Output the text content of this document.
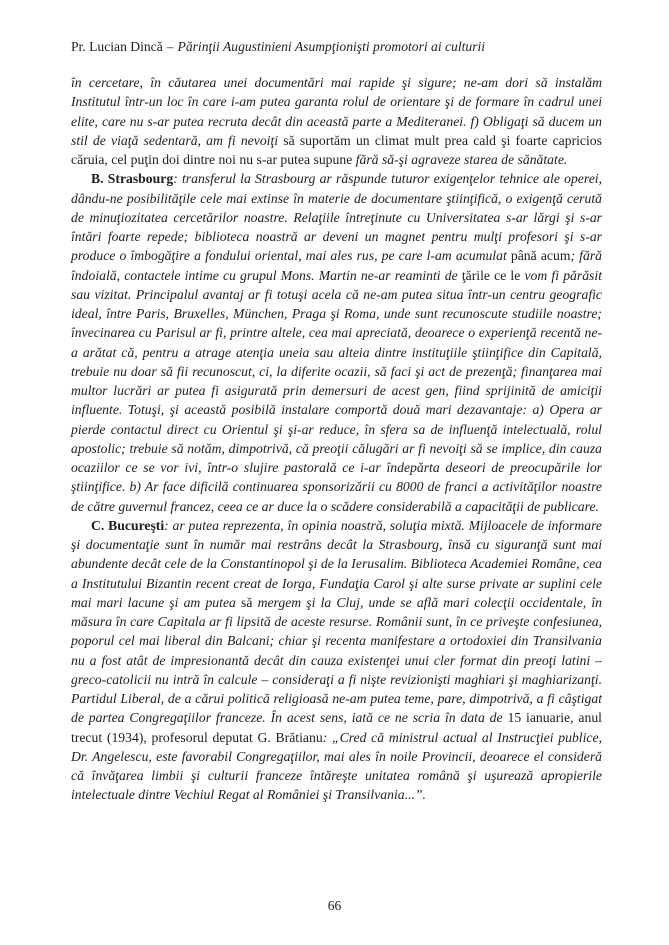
Pr. Lucian Dincă – Părinţii Augustinieni Asumpţionişti promotori ai culturii

în cercetare, în căutarea unei documentări mai rapide şi sigure; ne-am dori să instalăm Institutul într-un loc în care i-am putea garanta rolul de orientare şi de formare în cadrul unei elite, care nu s-ar putea recruta decât din această parte a Mediteranei. f) Obligaţi să ducem un stil de viaţă sedentară, am fi nevoiţi să suportăm un climat mult prea cald şi foarte capricios căruia, cel puţin doi dintre noi nu s-ar putea supune fără să-şi agraveze starea de sănătate.

B. Strasbourg: transferul la Strasbourg ar răspunde tuturor exigenţelor tehnice ale operei, dându-ne posibilităţile cele mai extinse în materie de documentare ştiinţifică, o exigenţă cerută de minuţiozitatea cercetărilor noastre. Relaţiile întreţinute cu Universitatea s-ar lărgi şi s-ar întări foarte repede; biblioteca noastră ar deveni un magnet pentru mulţi profesori şi s-ar produce o îmbogăţire a fondului oriental, mai ales rus, pe care l-am acumulat până acum; fără îndoială, contactele intime cu grupul Mons. Martin ne-ar reaminti de ţările ce le vom fi părăsit sau vizitat. Principalul avantaj ar fi totuşi acela că ne-am putea situa într-un centru geografic ideal, între Paris, Bruxelles, München, Praga şi Roma, unde sunt recunoscute studiile noastre; învecinarea cu Parisul ar fi, printre altele, cea mai apreciată, deoarece o experienţă recentă ne-a arătat că, pentru a atrage atenţia uneia sau alteia dintre instituţiile ştiinţifice din Capitală, trebuie nu doar să fii recunoscut, ci, la diferite ocazii, să faci şi act de prezenţă; finanţarea mai multor lucrări ar putea fi asigurată prin demersuri de acest gen, fiind sprijinită de amiciţii influente. Totuşi, şi această posibilă instalare comportă două mari dezavantaje: a) Opera ar pierde contactul direct cu Orientul şi şi-ar reduce, în sfera sa de influenţă intelectuală, rolul apostolic; trebuie să notăm, dimpotrivă, că preoţii călugări ar fi nevoiţi să se implice, din cauza ocaziilor ce se vor ivi, într-o slujire pastorală ce i-ar îndepărta deseori de preocupările lor ştiinţifice. b) Ar face dificilă continuarea sponsorizării cu 8000 de franci a activităţilor noastre de către guvernul francez, ceea ce ar duce la o scădere considerabilă a capacităţii de publicare.

C. Bucureşti: ar putea reprezenta, în opinia noastră, soluţia mixtă. Mijloacele de informare şi documentaţie sunt în număr mai restrâns decât la Strasbourg, însă cu siguranţă sunt mai abundente decât cele de la Constantinopol şi de la Ierusalim. Biblioteca Academiei Române, cea a Institutului Bizantin recent creat de Iorga, Fundaţia Carol şi alte surse private ar suplini cele mai mari lacune şi am putea să mergem şi la Cluj, unde se află mari colecţii occidentale, în măsura în care Capitala ar fi lipsită de aceste resurse. Românii sunt, în ce priveşte confesiunea, poporul cel mai liberal din Balcani; chiar şi recenta manifestare a ortodoxiei din Transilvania nu a fost atât de impresionantă decât din cauza existenţei unui cler format din preoţi latini – greco-catolicii nu intră în calcule – consideraţi a fi nişte revizionişti maghiari şi maghiarizanţi. Partidul Liberal, de a cărui politică religioasă ne-am putea teme, pare, dimpotrivă, a fi câştigat de partea Congregaţiilor franceze. În acest sens, iată ce ne scria în data de 15 ianuarie, anul trecut (1934), profesorul deputat G. Brătianu: „Cred că ministrul actual al Instrucţiei publice, Dr. Angelescu, este favorabil Congregaţiilor, mai ales în noile Provincii, deoarece el consideră că învăţarea limbii şi culturii franceze întăreşte unitatea română şi uşurează apropierile intelectuale dintre Vechiul Regat al României şi Transilvania...”.

66
